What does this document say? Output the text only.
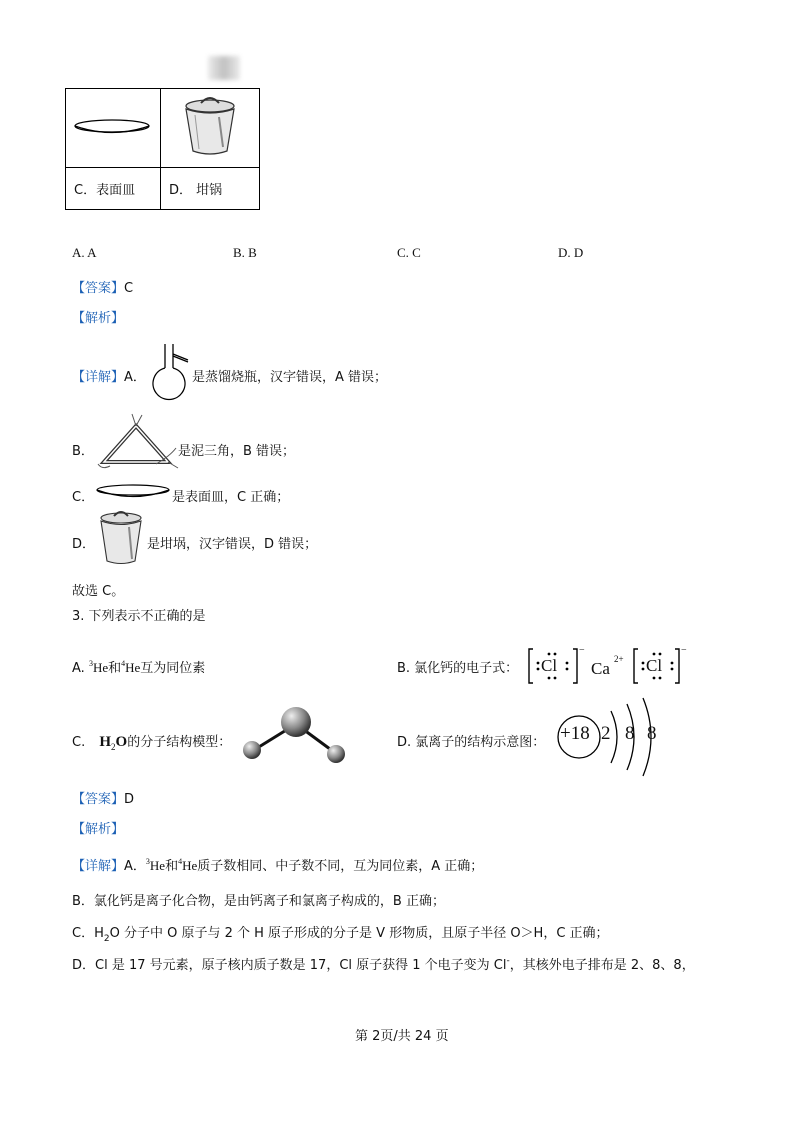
C．表面皿	D． 坩锅
A. A	B. B	C. C	D. D
【答案】C
【解析】
【详解】A．	是蒸馏烧瓶，汉字错误，A 错误；
B．	是泥三角，B 错误；
C．	是表面皿，C 正确；
D．	是坩埚，汉字错误，D 错误；
故选 C。
3. 下列表示不正确的是
A. $^3$He和$^4$He互为同位素	B. 氯化钙的电子式： Cl
−
Ca 2+ Cl
−
C. $H_2O$的分子结构模型：	D. 氯离子的结构示意图： +18 2 8 8
【答案】D
【解析】
【详解】A．$^3$He和$^4$He质子数相同、中子数不同，互为同位素，A 正确；
B．氯化钙是离子化合物，是由钙离子和氯离子构成的，B 正确；
C．$H_2O$ 分子中 O 原子与 2 个 H 原子形成的分子是 V 形物质，且原子半径 O＞H，C 正确；
D．Cl 是 17 号元素，原子核内质子数是 17，Cl 原子获得 1 个电子变为 Cl-，其核外电子排布是 2、8、8，
第 2页/共 24 页
